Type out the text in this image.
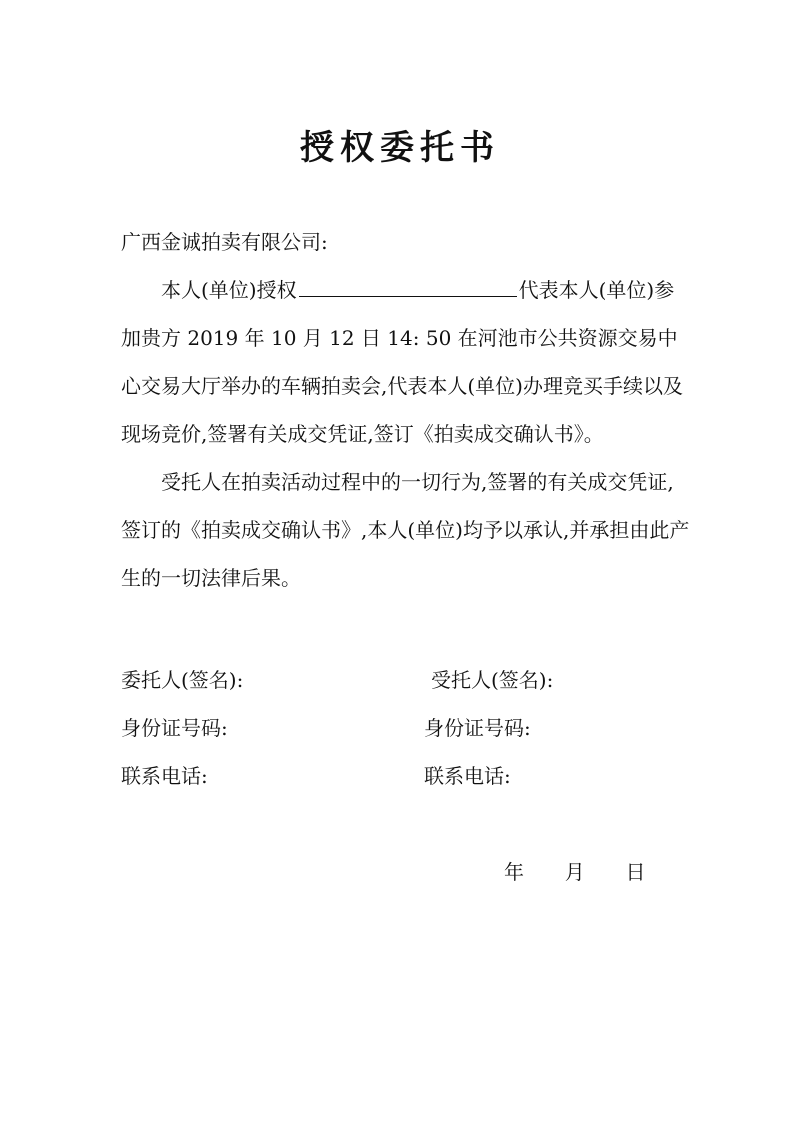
授权委托书
广西金诚拍卖有限公司:
本人(单位)授权	代表本人(单位)参加贵方 2019 年 10 月 12 日 14: 50 在河池市公共资源交易中心交易大厅举办的车辆拍卖会,代表本人(单位)办理竞买手续以及现场竞价,签署有关成交凭证,签订《拍卖成交确认书》。
受托人在拍卖活动过程中的一切行为,签署的有关成交凭证,签订的《拍卖成交确认书》,本人(单位)均予以承认,并承担由此产生的一切法律后果。
委托人(签名):	受托人(签名):
身份证号码:	身份证号码:
联系电话:	联系电话:
年 月 日
